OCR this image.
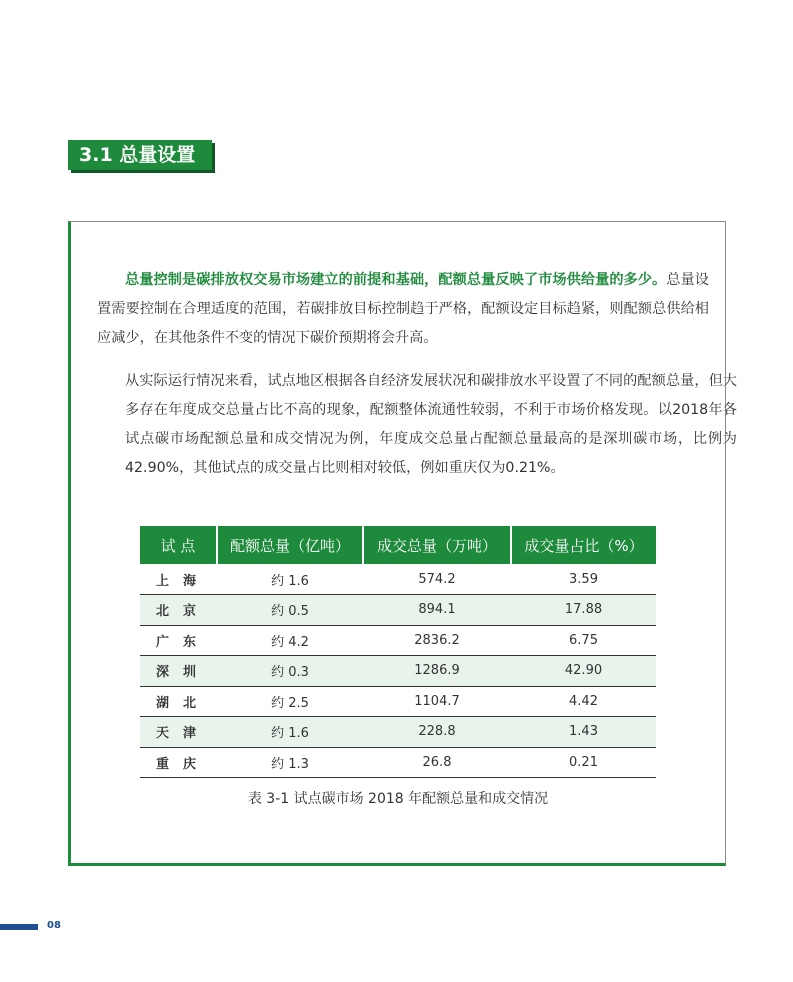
3.1 总量设置

总量控制是碳排放权交易市场建立的前提和基础，配额总量反映了市场供给量的多少。总量设置需要控制在合理适度的范围，若碳排放目标控制趋于严格，配额设定目标趋紧，则配额总供给相应减少，在其他条件不变的情况下碳价预期将会升高。

从实际运行情况来看，试点地区根据各自经济发展状况和碳排放水平设置了不同的配额总量，但大多存在年度成交总量占比不高的现象，配额整体流通性较弱，不利于市场价格发现。以2018年各试点碳市场配额总量和成交情况为例，年度成交总量占配额总量最高的是深圳碳市场，比例为42.90%，其他试点的成交量占比则相对较低，例如重庆仅为0.21%。

试 点	配额总量（亿吨）	成交总量（万吨）	成交量占比（%）
上海	约 1.6	574.2	3.59
北京	约 0.5	894.1	17.88
广东	约 4.2	2836.2	6.75
深圳	约 0.3	1286.9	42.90
湖北	约 2.5	1104.7	4.42
天津	约 1.6	228.8	1.43
重庆	约 1.3	26.8	0.21
表 3-1 试点碳市场 2018 年配额总量和成交情况
08
